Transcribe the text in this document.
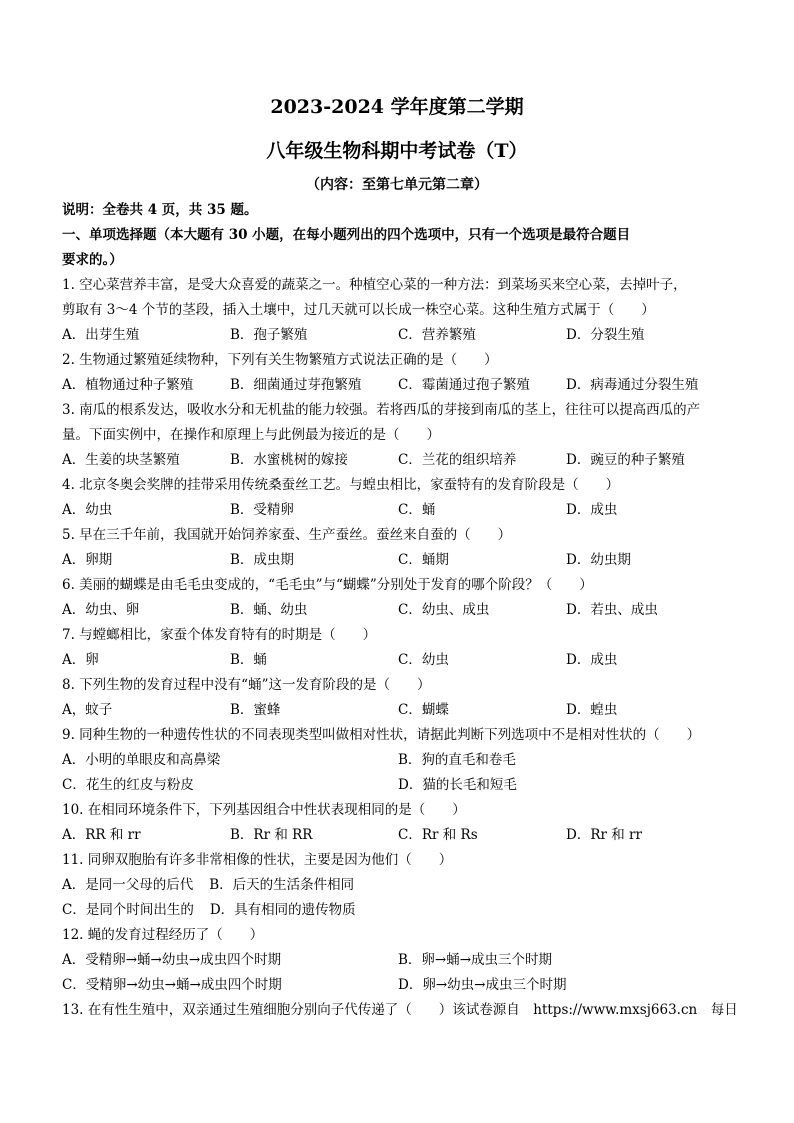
2023-2024 学年度第二学期
八年级生物科期中考试卷（T）
（内容：至第七单元第二章）
说明：全卷共 4 页，共 35 题。
一、单项选择题（本大题有 30 小题，在每小题列出的四个选项中，只有一个选项是最符合题目
要求的。）
1. 空心菜营养丰富，是受大众喜爱的蔬菜之一。种植空心菜的一种方法：到菜场买来空心菜，去掉叶子，
剪取有 3～4 个节的茎段，插入土壤中，过几天就可以长成一株空心菜。这种生殖方式属于（　　）
A．出芽生殖	B．孢子繁殖	C．营养繁殖	D．分裂生殖
2. 生物通过繁殖延续物种，下列有关生物繁殖方式说法正确的是（　　）
A．植物通过种子繁殖	B．细菌通过芽孢繁殖	C．霉菌通过孢子繁殖	D．病毒通过分裂生殖
3. 南瓜的根系发达，吸收水分和无机盐的能力较强。若将西瓜的芽接到南瓜的茎上，往往可以提高西瓜的产
量。下面实例中，在操作和原理上与此例最为接近的是（　　）
A．生姜的块茎繁殖	B．水蜜桃树的嫁接	C．兰花的组织培养	D．豌豆的种子繁殖
4. 北京冬奥会奖牌的挂带采用传统桑蚕丝工艺。与蝗虫相比，家蚕特有的发育阶段是（　　）
A．幼虫	B．受精卵	C．蛹	D．成虫
5. 早在三千年前，我国就开始饲养家蚕、生产蚕丝。蚕丝来自蚕的（　　）
A．卵期	B．成虫期	C．蛹期	D．幼虫期
6. 美丽的蝴蝶是由毛毛虫变成的，“毛毛虫”与“蝴蝶”分别处于发育的哪个阶段？（　　）
A．幼虫、卵	B．蛹、幼虫	C．幼虫、成虫	D．若虫、成虫
7. 与螳螂相比，家蚕个体发育特有的时期是（　　）
A．卵	B．蛹	C．幼虫	D．成虫
8. 下列生物的发育过程中没有“蛹”这一发育阶段的是（　　）
A，蚊子	B．蜜蜂	C．蝴蝶	D．蝗虫
9. 同种生物的一种遗传性状的不同表现类型叫做相对性状，请据此判断下列选项中不是相对性状的（　　）
A．小明的单眼皮和高鼻梁	B．狗的直毛和卷毛
C．花生的红皮与粉皮	D．猫的长毛和短毛
10. 在相同环境条件下，下列基因组合中性状表现相同的是（　　）
A．RR 和 rr	B．Rr 和 RR	C．Rr 和 Rs	D．Rr 和 rr
11. 同卵双胞胎有许多非常相像的性状，主要是因为他们（　　）
A．是同一父母的后代 B．后天的生活条件相同
C．是同个时间出生的 D．具有相同的遗传物质
12. 蝇的发育过程经历了（　　）
A．受精卵→蛹→幼虫→成虫四个时期	B．卵→蛹→成虫三个时期
C．受精卵→幼虫→蛹→成虫四个时期	D．卵→幼虫→成虫三个时期
13. 在有性生殖中，双亲通过生殖细胞分别向子代传递了（　　）该试卷源自　https://www.mxsj663.cn　每日
